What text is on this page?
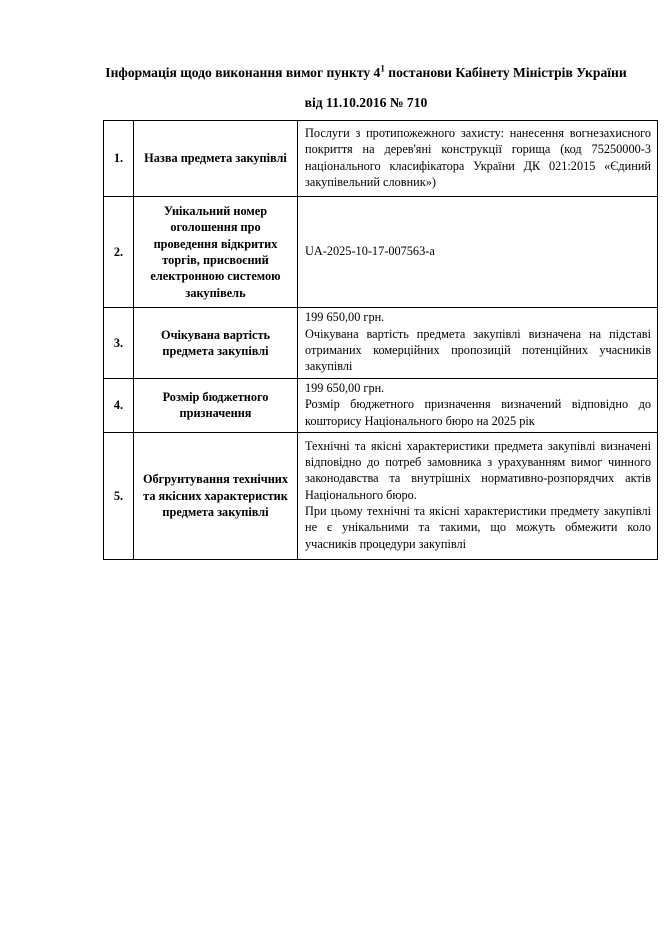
Інформація щодо виконання вимог пункту $4^1$ постанови Кабінету Міністрів України
від 11.10.2016 № 710
1.	Назва предмета закупівлі	Послуги з протипожежного захисту: нанесення вогнезахисного покриття на дерев'яні конструкції горища (код 75250000-3 національного класифікатора України ДК 021:2015 «Єдиний закупівельний словник»)

2.	Унікальний номер оголошення про проведення відкритих торгів, присвоєний електронною системою закупівель	UA-2025-10-17-007563-a

3.	Очікувана вартість предмета закупівлі	199 650,00 грн.

Очікувана вартість предмета закупівлі визначена на підставі отриманих комерційних пропозицій потенційних учасників закупівлі

4.	Розмір бюджетного призначення	199 650,00 грн.

Розмір бюджетного призначення визначений відповідно до кошторису Національного бюро на 2025 рік

5.	Обгрунтування технічних та якісних характеристик предмета закупівлі	Технічні та якісні характеристики предмета закупівлі визначені відповідно до потреб замовника з урахуванням вимог чинного законодавства та внутрішніх нормативно-розпорядчих актів Національного бюро.

При цьому технічні та якісні характеристики предмету закупівлі не є унікальними та такими, що можуть обмежити коло учасників процедури закупівлі
